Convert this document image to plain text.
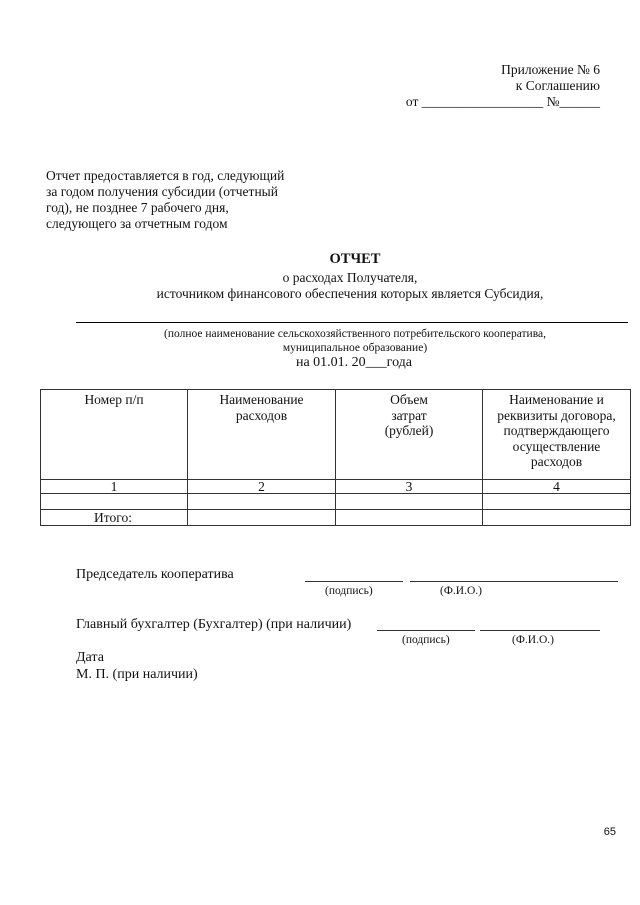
Приложение № 6
к Соглашению
от __________________ №______
Отчет предоставляется в год, следующий
за годом получения субсидии (отчетный
год), не позднее 7 рабочего дня,
следующего за отчетным годом
ОТЧЕТ
о расходах Получателя,
источником финансового обеспечения которых является Субсидия,
(полное наименование сельскохозяйственного потребительского кооператива,
муниципальное образование)
на 01.01. 20___года
Номер п/п	Наименование расходов	Объем затрат (рублей)	Наименование и реквизиты договора, подтверждающего осуществление расходов
1	2	3	4

Итого:			
Председатель кооператива
(подпись)	(Ф.И.О.)
Главный бухгалтер (Бухгалтер) (при наличии)
(подпись)	(Ф.И.О.)
Дата
М. П. (при наличии)
65
